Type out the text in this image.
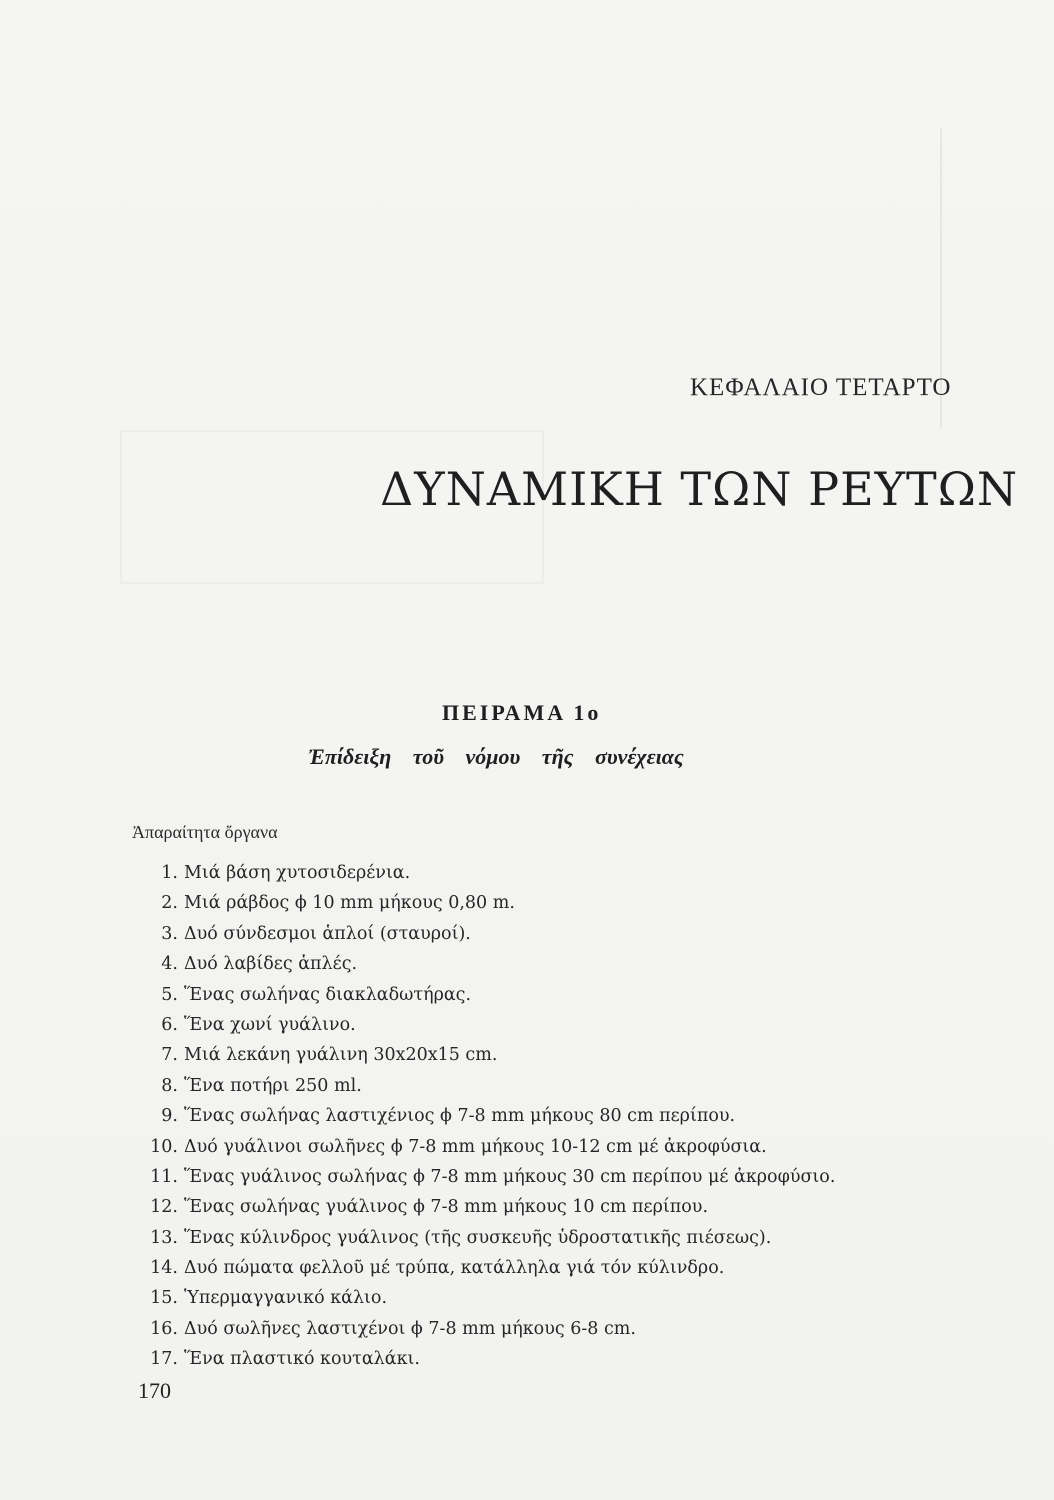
ΚΕΦΑΛΑΙΟ ΤΕΤΑΡΤΟ
ΔΥΝΑΜΙΚΗ ΤΩΝ ΡΕΥΤΩΝ
ΠΕΙΡΑΜΑ 1ο
Ἐπίδειξη τοῦ νόμου τῆς συνέχειας
Ἀπαραίτητα ὄργανα
1. Μιά βάση χυτοσιδερένια.
2. Μιά ράβδος ϕ 10 mm μήκους 0,80 m.
3. Δυό σύνδεσμοι ἁπλοί (σταυροί).
4. Δυό λαβίδες ἁπλές.
5. Ἕνας σωλήνας διακλαδωτήρας.
6. Ἕνα χωνί γυάλινο.
7. Μιά λεκάνη γυάλινη 30x20x15 cm.
8. Ἕνα ποτήρι 250 ml.
9. Ἕνας σωλήνας λαστιχένιος ϕ 7-8 mm μήκους 80 cm περίπου.
10. Δυό γυάλινοι σωλῆνες ϕ 7-8 mm μήκους 10-12 cm μέ ἀκροφύσια.
11. Ἕνας γυάλινος σωλήνας ϕ 7-8 mm μήκους 30 cm περίπου μέ ἀκροφύσιο.
12. Ἕνας σωλήνας γυάλινος ϕ 7-8 mm μήκους 10 cm περίπου.
13. Ἕνας κύλινδρος γυάλινος (τῆς συσκευῆς ὑδροστατικῆς πιέσεως).
14. Δυό πώματα φελλοῦ μέ τρύπα, κατάλληλα γιά τόν κύλινδρο.
15. Ὑπερμαγγανικό κάλιο.
16. Δυό σωλῆνες λαστιχένοι ϕ 7-8 mm μήκους 6-8 cm.
17. Ἕνα πλαστικό κουταλάκι.
170
